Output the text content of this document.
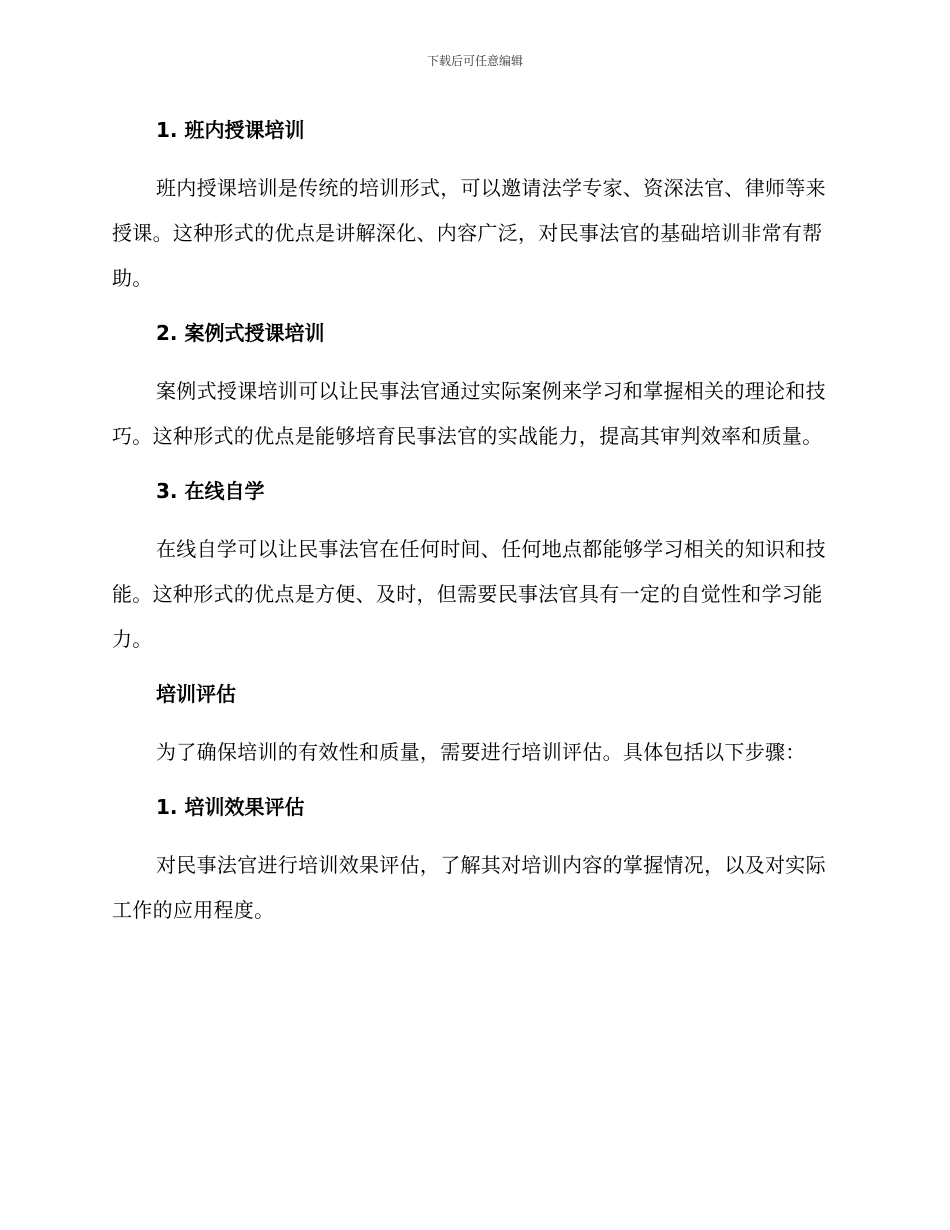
下载后可任意编辑
1. 班内授课培训
班内授课培训是传统的培训形式，可以邀请法学专家、资深法官、律师等来授课。这种形式的优点是讲解深化、内容广泛，对民事法官的基础培训非常有帮助。
2. 案例式授课培训
案例式授课培训可以让民事法官通过实际案例来学习和掌握相关的理论和技巧。这种形式的优点是能够培育民事法官的实战能力，提高其审判效率和质量。
3. 在线自学
在线自学可以让民事法官在任何时间、任何地点都能够学习相关的知识和技能。这种形式的优点是方便、及时，但需要民事法官具有一定的自觉性和学习能力。
培训评估
为了确保培训的有效性和质量，需要进行培训评估。具体包括以下步骤：
1. 培训效果评估
对民事法官进行培训效果评估，了解其对培训内容的掌握情况，以及对实际工作的应用程度。
